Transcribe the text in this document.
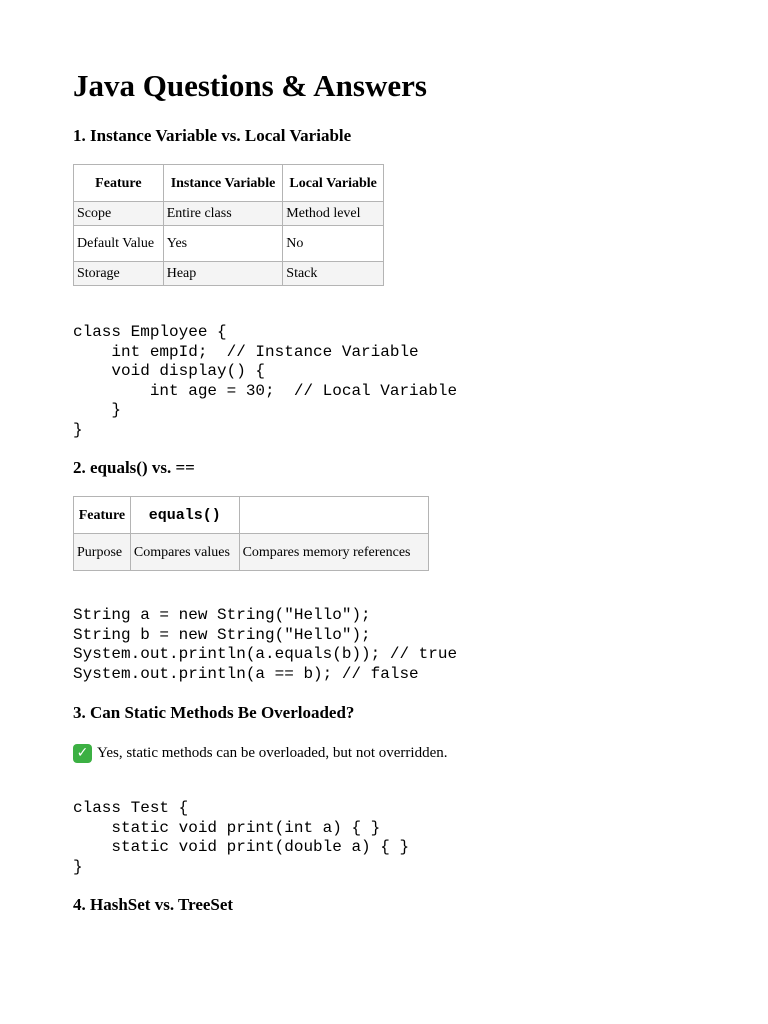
Java Questions & Answers
1. Instance Variable vs. Local Variable
Feature	Instance Variable	Local Variable
Scope	Entire class	Method level
Default Value	Yes	No
Storage	Heap	Stack
class Employee {
int empId;  // Instance Variable
void display() {
int age = 30;  // Local Variable
}
}
2. equals() vs. ==
Feature	equals()	
Purpose	Compares values	Compares memory references
String a = new String("Hello");
String b = new String("Hello");
System.out.println(a.equals(b)); // true
System.out.println(a == b); // false
3. Can Static Methods Be Overloaded?

✓ Yes, static methods can be overloaded, but not overridden.

class Test {
static void print(int a) { }
static void print(double a) { }
}
4. HashSet vs. TreeSet
